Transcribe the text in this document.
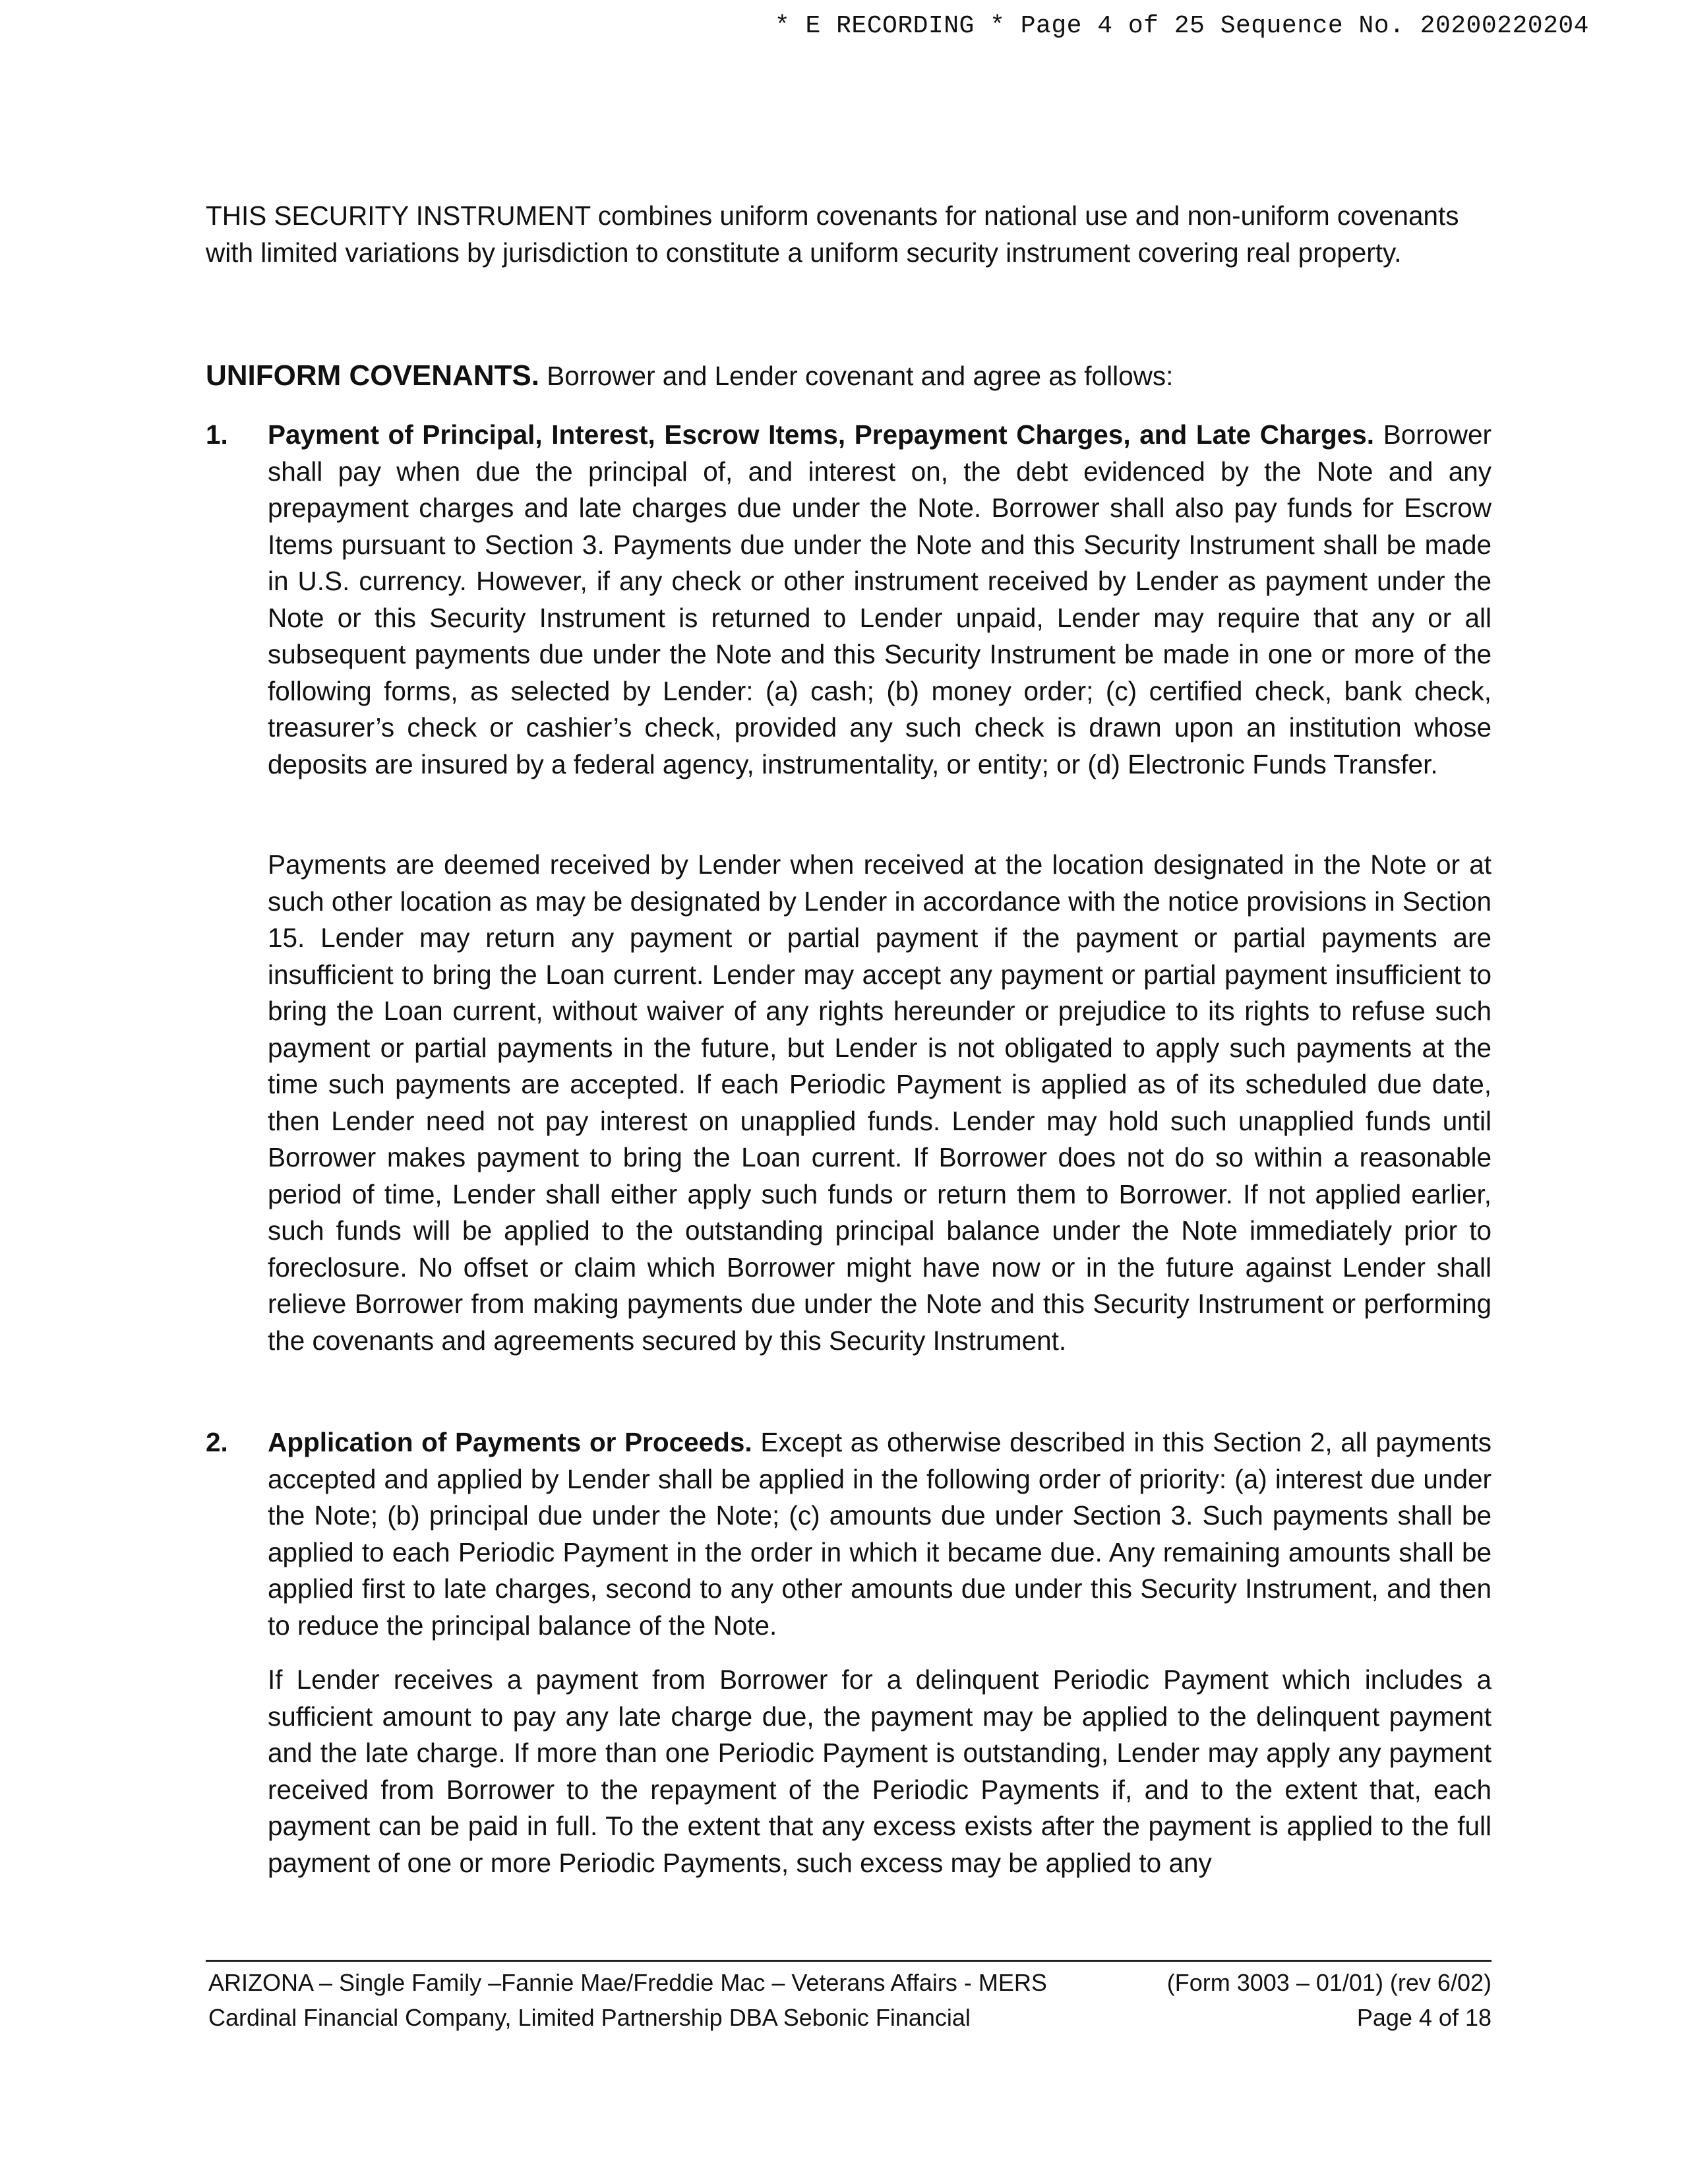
* E RECORDING * Page 4 of 25 Sequence No. 20200220204
THIS SECURITY INSTRUMENT combines uniform covenants for national use and non-uniform covenants with limited variations by jurisdiction to constitute a uniform security instrument covering real property.
UNIFORM COVENANTS. Borrower and Lender covenant and agree as follows:
1. Payment of Principal, Interest, Escrow Items, Prepayment Charges, and Late Charges. Borrower shall pay when due the principal of, and interest on, the debt evidenced by the Note and any prepayment charges and late charges due under the Note. Borrower shall also pay funds for Escrow Items pursuant to Section 3. Payments due under the Note and this Security Instrument shall be made in U.S. currency. However, if any check or other instrument received by Lender as payment under the Note or this Security Instrument is returned to Lender unpaid, Lender may require that any or all subsequent payments due under the Note and this Security Instrument be made in one or more of the following forms, as selected by Lender: (a) cash; (b) money order; (c) certified check, bank check, treasurer’s check or cashier’s check, provided any such check is drawn upon an institution whose deposits are insured by a federal agency, instrumentality, or entity; or (d) Electronic Funds Transfer.
Payments are deemed received by Lender when received at the location designated in the Note or at such other location as may be designated by Lender in accordance with the notice provisions in Section 15. Lender may return any payment or partial payment if the payment or partial payments are insufficient to bring the Loan current. Lender may accept any payment or partial payment insufficient to bring the Loan current, without waiver of any rights hereunder or prejudice to its rights to refuse such payment or partial payments in the future, but Lender is not obligated to apply such payments at the time such payments are accepted. If each Periodic Payment is applied as of its scheduled due date, then Lender need not pay interest on unapplied funds. Lender may hold such unapplied funds until Borrower makes payment to bring the Loan current. If Borrower does not do so within a reasonable period of time, Lender shall either apply such funds or return them to Borrower. If not applied earlier, such funds will be applied to the outstanding principal balance under the Note immediately prior to foreclosure. No offset or claim which Borrower might have now or in the future against Lender shall relieve Borrower from making payments due under the Note and this Security Instrument or performing the covenants and agreements secured by this Security Instrument.
2. Application of Payments or Proceeds. Except as otherwise described in this Section 2, all payments accepted and applied by Lender shall be applied in the following order of priority: (a) interest due under the Note; (b) principal due under the Note; (c) amounts due under Section 3. Such payments shall be applied to each Periodic Payment in the order in which it became due. Any remaining amounts shall be applied first to late charges, second to any other amounts due under this Security Instrument, and then to reduce the principal balance of the Note.
If Lender receives a payment from Borrower for a delinquent Periodic Payment which includes a sufficient amount to pay any late charge due, the payment may be applied to the delinquent payment and the late charge. If more than one Periodic Payment is outstanding, Lender may apply any payment received from Borrower to the repayment of the Periodic Payments if, and to the extent that, each payment can be paid in full. To the extent that any excess exists after the payment is applied to the full payment of one or more Periodic Payments, such excess may be applied to any
ARIZONA – Single Family –Fannie Mae/Freddie Mac – Veterans Affairs - MERS	(Form 3003 – 01/01) (rev 6/02)
Cardinal Financial Company, Limited Partnership DBA Sebonic Financial	Page 4 of 18
